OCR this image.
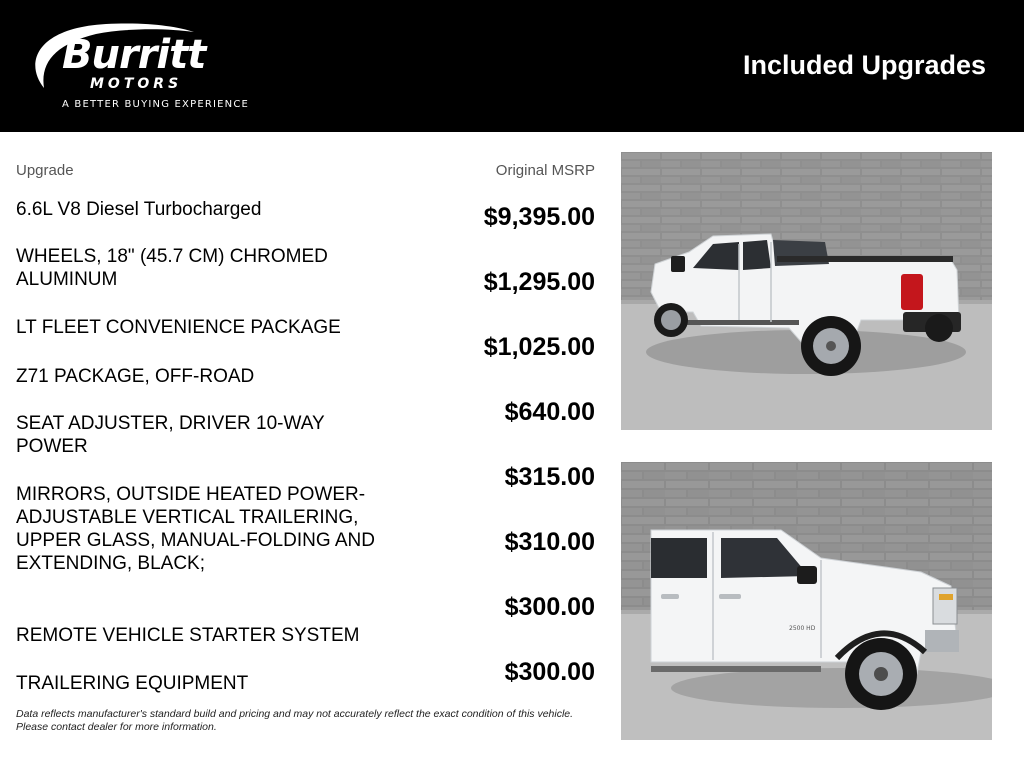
Burritt
MOTORS
A BETTER BUYING EXPERIENCE
Included Upgrades
Upgrade	Original MSRP
6.6L V8 Diesel Turbocharged
WHEELS, 18" (45.7 CM) CHROMED ALUMINUM
LT FLEET CONVENIENCE PACKAGE
Z71 PACKAGE, OFF-ROAD
SEAT ADJUSTER, DRIVER 10-WAY POWER
MIRRORS, OUTSIDE HEATED POWER-ADJUSTABLE VERTICAL TRAILERING, UPPER GLASS, MANUAL-FOLDING AND EXTENDING, BLACK;
REMOTE VEHICLE STARTER SYSTEM
TRAILERING EQUIPMENT
$9,395.00
$1,295.00
$1,025.00
$640.00
$315.00
$310.00
$300.00
$300.00
Data reflects manufacturer's standard build and pricing and may not accurately reflect the exact condition of this vehicle. Please contact dealer for more information.
2500 HD
